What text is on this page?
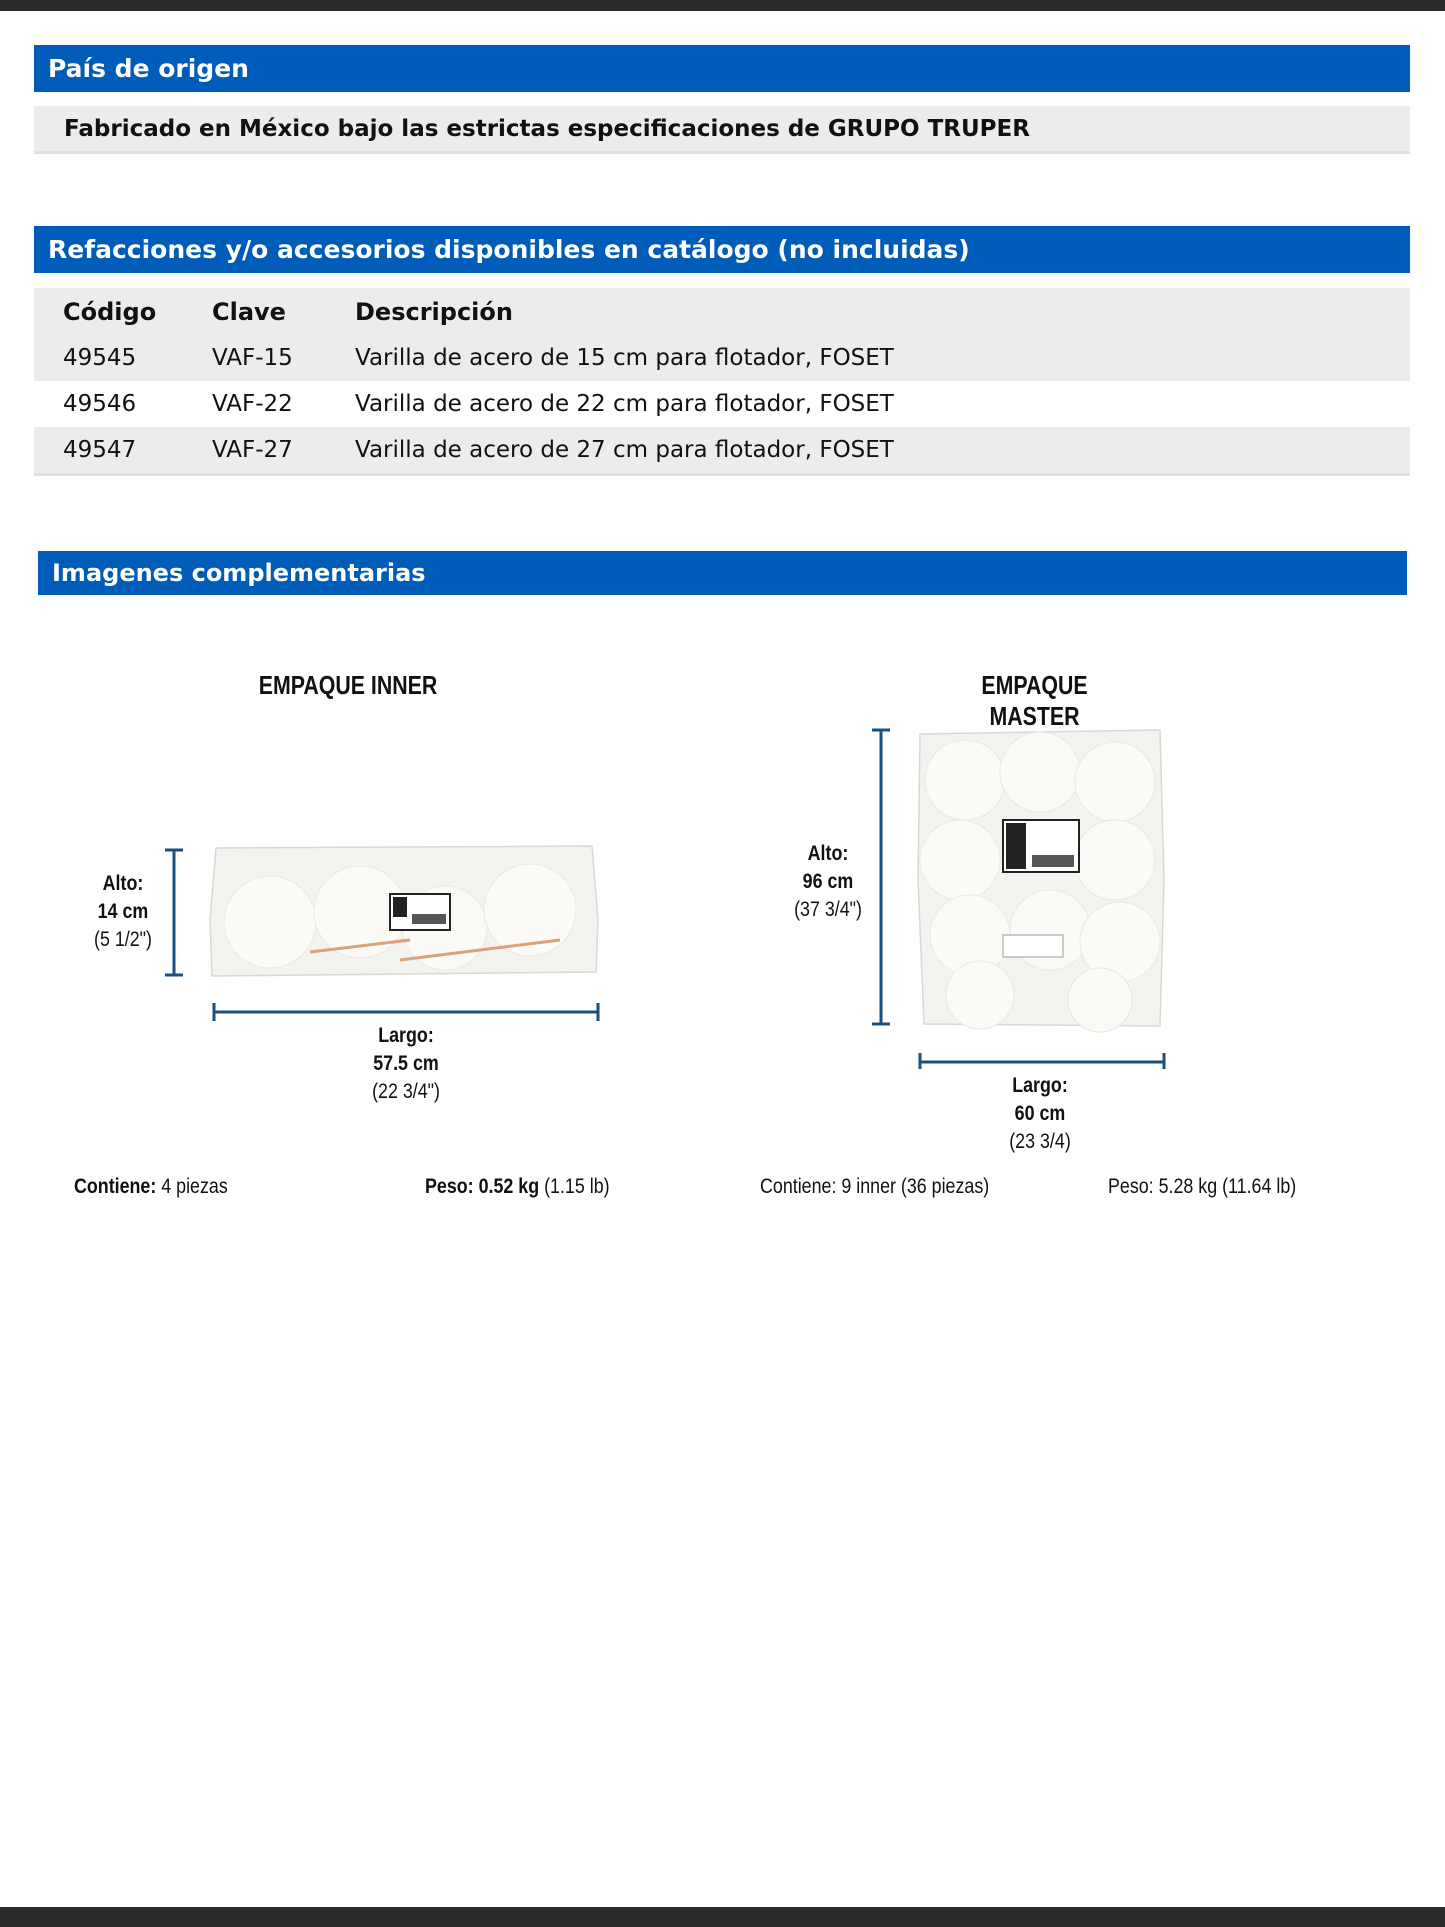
País de origen
Fabricado en México bajo las estrictas especificaciones de GRUPO TRUPER
Refacciones y/o accesorios disponibles en catálogo (no incluidas)
Código Clave	Descripción
49545	VAF-15	Varilla de acero de 15 cm para flotador, FOSET
49546	VAF-22	Varilla de acero de 22 cm para flotador, FOSET
49547	VAF-27	Varilla de acero de 27 cm para flotador, FOSET
Imagenes complementarias
EMPAQUE INNER
Alto:
14 cm
(5 1/2")
Largo:
57.5 cm
(22 3/4")
Contiene: 4 piezas	Peso: 0.52 kg (1.15 lb)
EMPAQUE MASTER
Alto:
96 cm
(37 3/4")
Largo:
60 cm
(23 3/4)
Contiene: 9 inner (36 piezas)	Peso: 5.28 kg (11.64 lb)
